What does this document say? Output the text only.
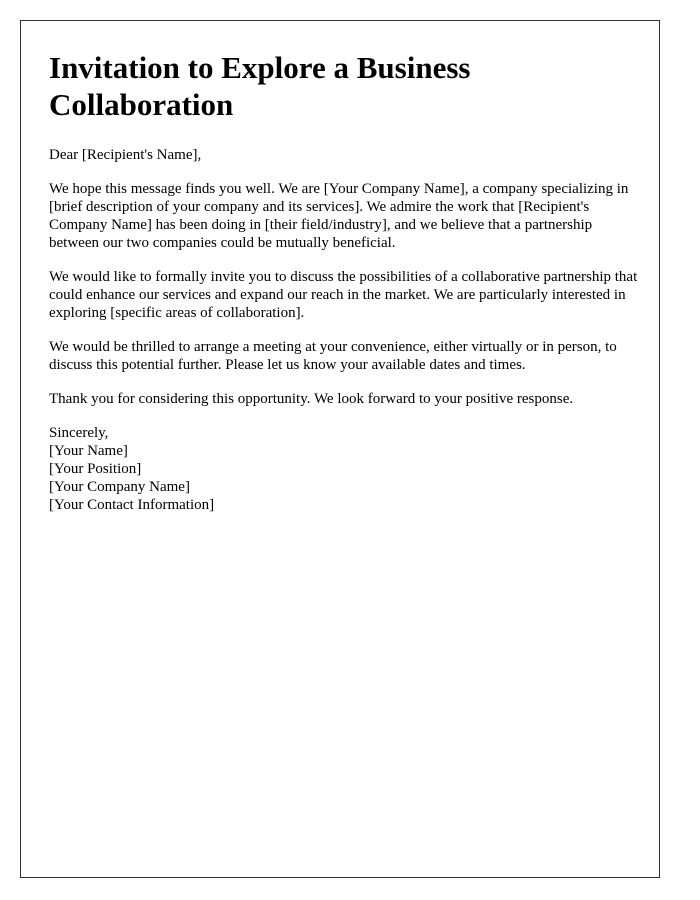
Invitation to Explore a Business
Collaboration

Dear [Recipient's Name],

We hope this message finds you well. We are [Your Company Name], a company specializing in [brief description of your company and its services]. We admire the work that [Recipient's Company Name] has been doing in [their field/industry], and we believe that a partnership between our two companies could be mutually beneficial.

We would like to formally invite you to discuss the possibilities of a collaborative partnership that could enhance our services and expand our reach in the market. We are particularly interested in exploring [specific areas of collaboration].

We would be thrilled to arrange a meeting at your convenience, either virtually or in person, to discuss this potential further. Please let us know your available dates and times.

Thank you for considering this opportunity. We look forward to your positive response.

Sincerely,
[Your Name]
[Your Position]
[Your Company Name]
[Your Contact Information]
